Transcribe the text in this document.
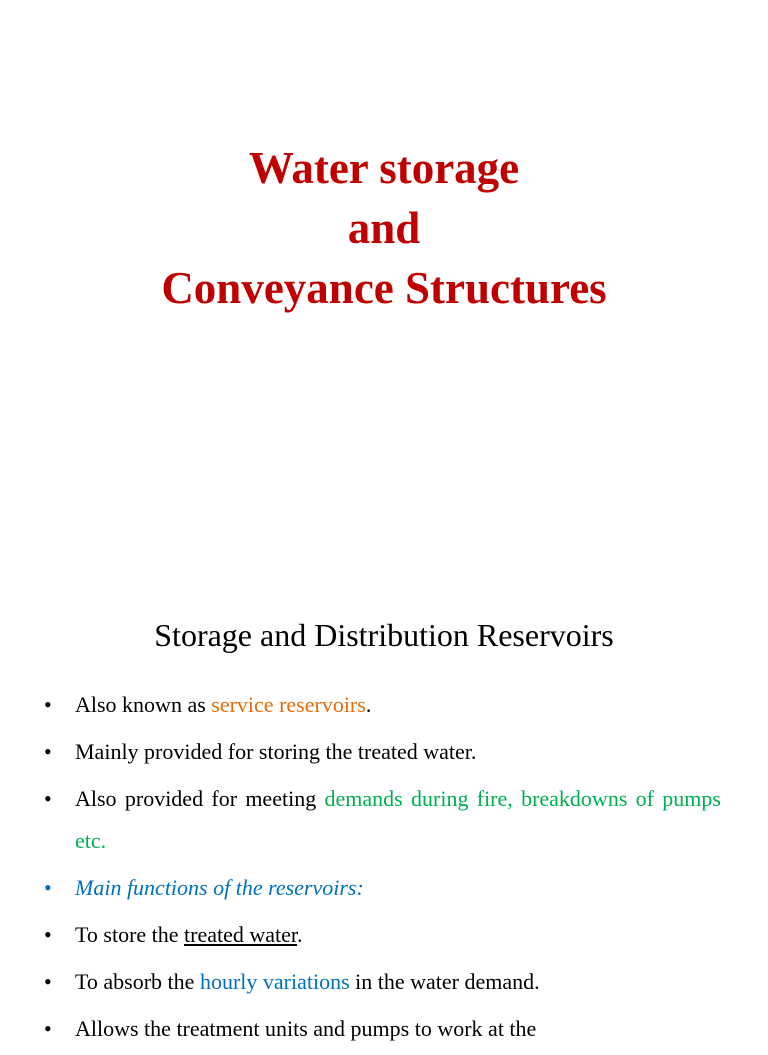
Water storage
and
Conveyance Structures
Storage and Distribution Reservoirs
• Also known as service reservoirs.
• Mainly provided for storing the treated water.
• Also provided for meeting demands during fire, breakdowns of pumps etc.
• Main functions of the reservoirs:
• To store the treated water.
• To absorb the hourly variations in the water demand.
• Allows the treatment units and pumps to work at the
